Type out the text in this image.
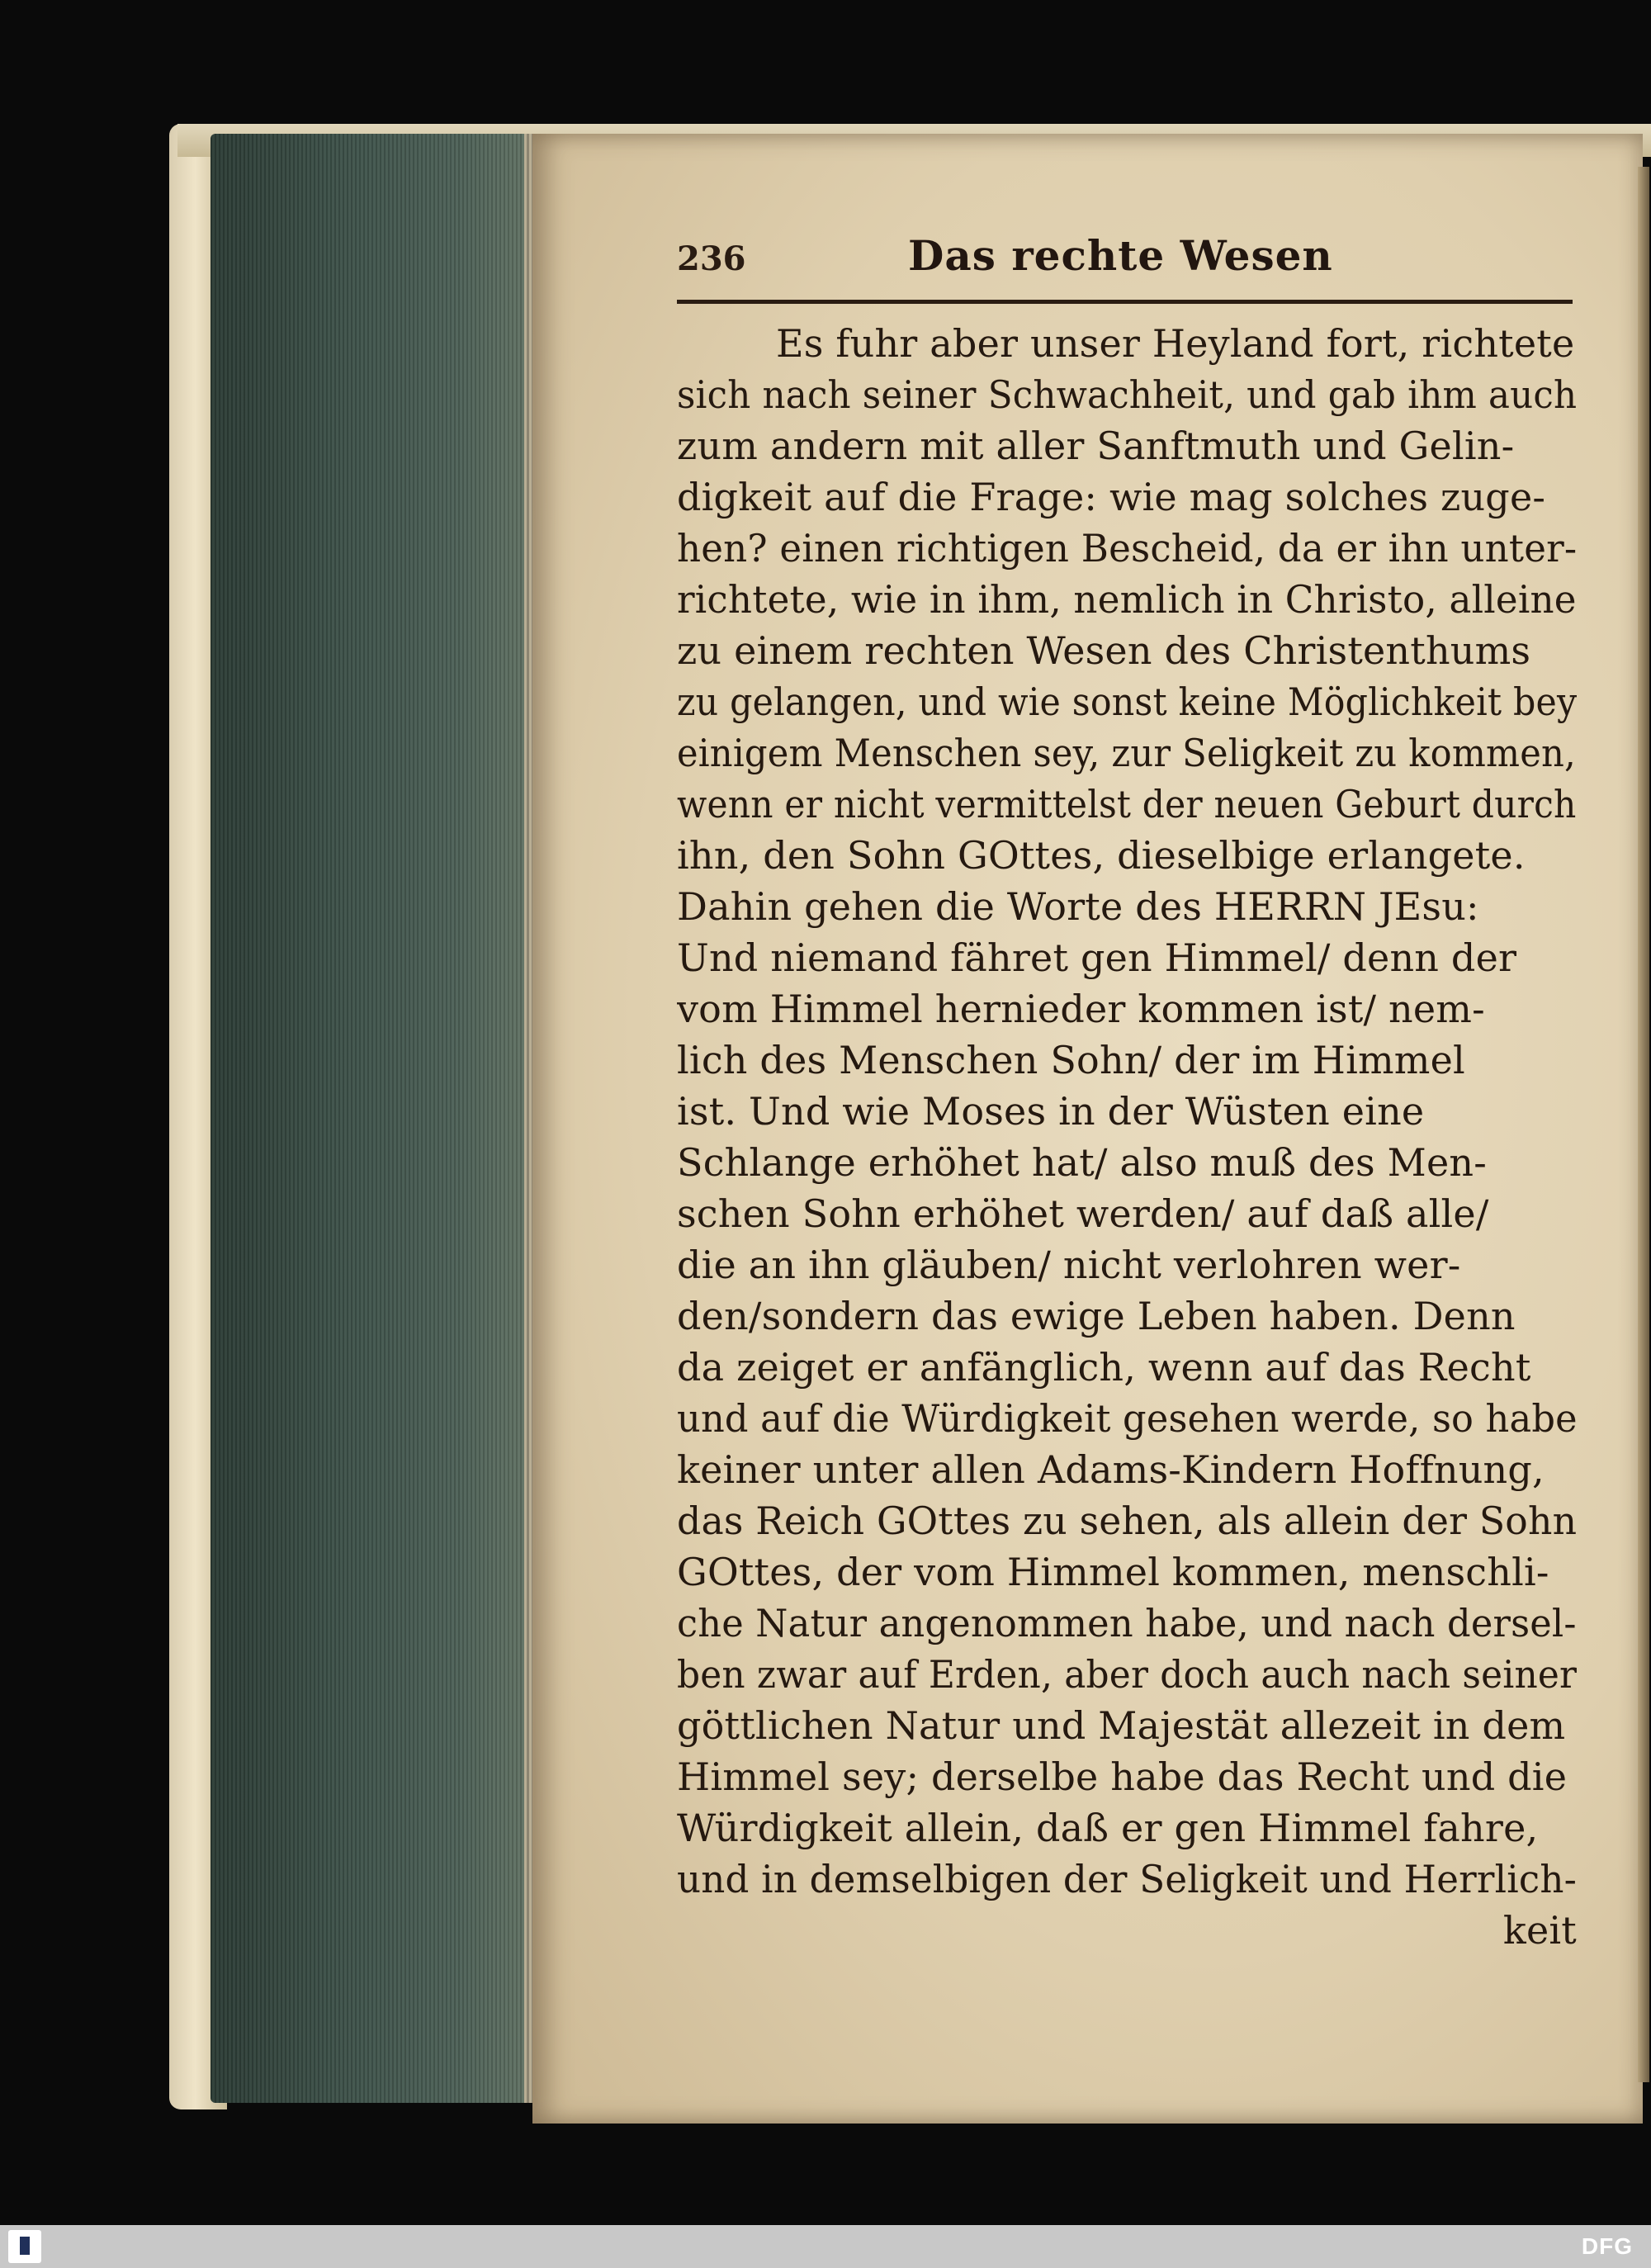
236	Das rechte Wesen
Es fuhr aber unser Heyland fort, richtete
sich nach seiner Schwachheit, und gab ihm auch
zum andern mit aller Sanftmuth und Gelin-
digkeit auf die Frage: wie mag solches zuge-
hen? einen richtigen Bescheid, da er ihn unter-
richtete, wie in ihm, nemlich in Christo, alleine
zu einem rechten Wesen des Christenthums
zu gelangen, und wie sonst keine Möglichkeit bey
einigem Menschen sey, zur Seligkeit zu kommen,
wenn er nicht vermittelst der neuen Geburt durch
ihn, den Sohn GOttes, dieselbige erlangete.
Dahin gehen die Worte des HERRN JEsu:
Und niemand fähret gen Himmel/ denn der
vom Himmel hernieder kommen ist/ nem-
lich des Menschen Sohn/ der im Himmel
ist. Und wie Moses in der Wüsten eine
Schlange erhöhet hat/ also muß des Men-
schen Sohn erhöhet werden/ auf daß alle/
die an ihn gläuben/ nicht verlohren wer-
den/sondern das ewige Leben haben. Denn
da zeiget er anfänglich, wenn auf das Recht
und auf die Würdigkeit gesehen werde, so habe
keiner unter allen Adams-Kindern Hoffnung,
das Reich GOttes zu sehen, als allein der Sohn
GOttes, der vom Himmel kommen, menschli-
che Natur angenommen habe, und nach dersel-
ben zwar auf Erden, aber doch auch nach seiner
göttlichen Natur und Majestät allezeit in dem
Himmel sey; derselbe habe das Recht und die
Würdigkeit allein, daß er gen Himmel fahre,
und in demselbigen der Seligkeit und Herrlich-
keit
DFG
